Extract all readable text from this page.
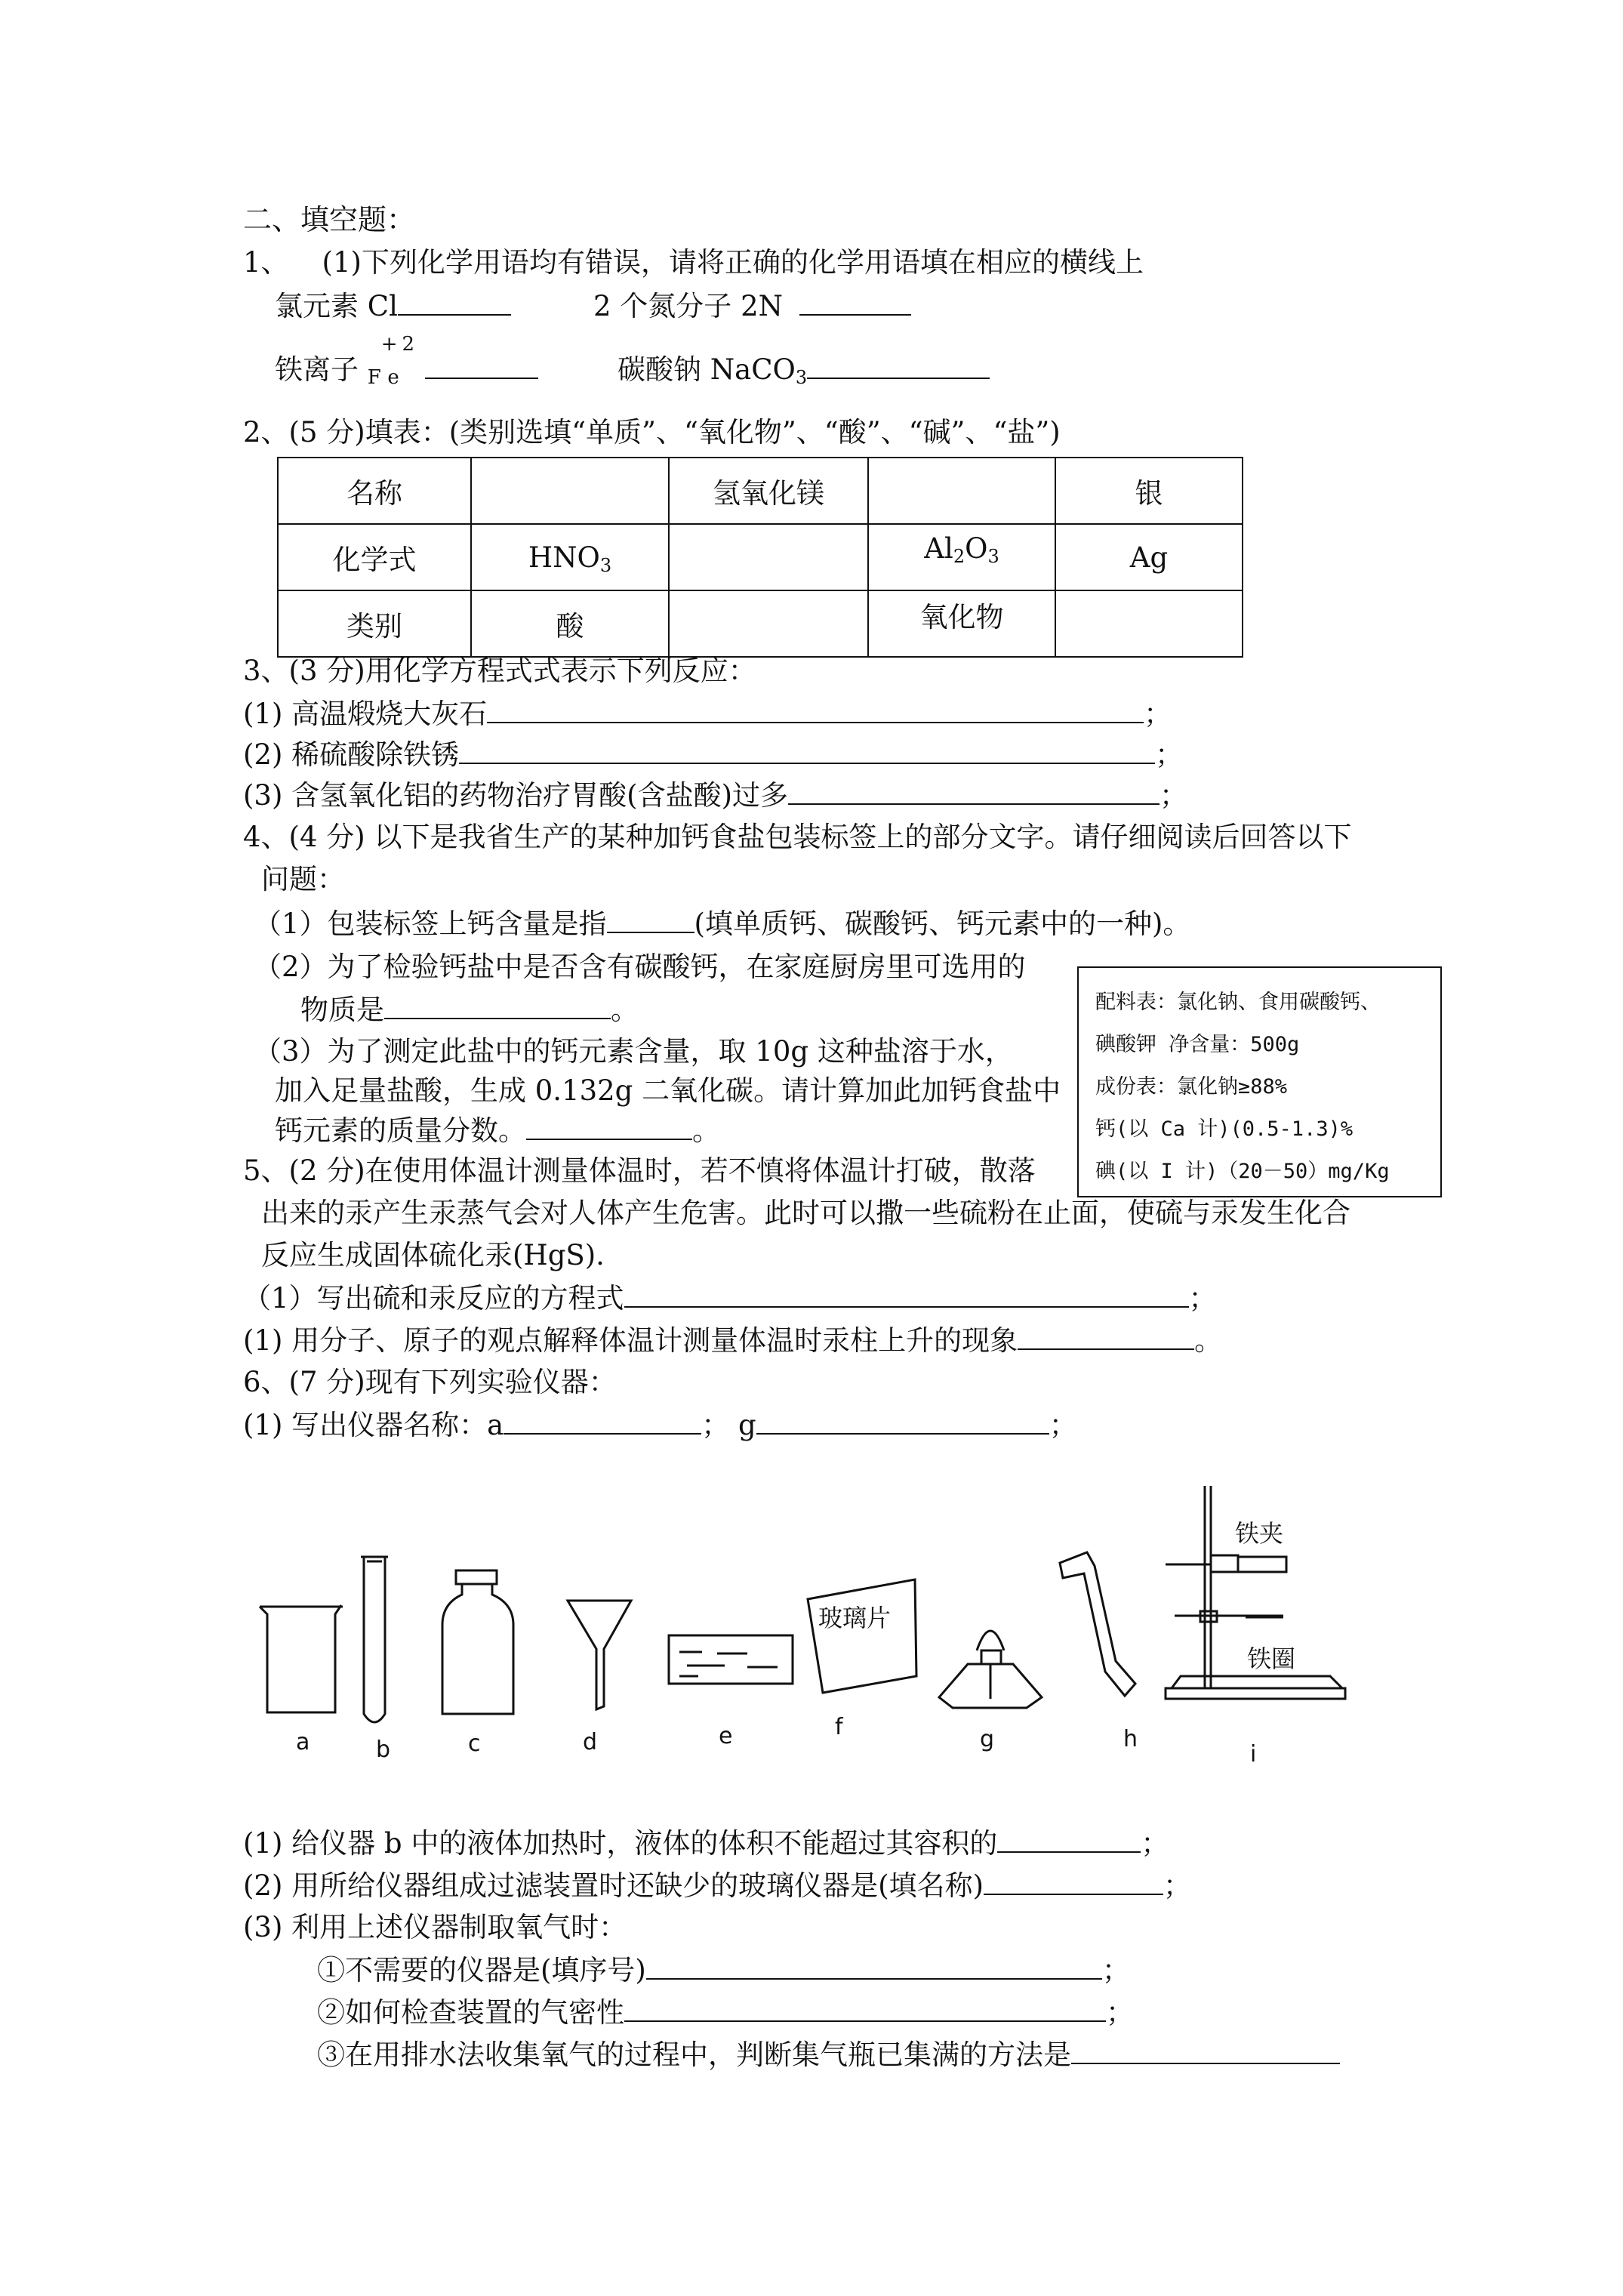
二、填空题：
1、 (1)下列化学用语均有错误，请将正确的化学用语填在相应的横线上
氯元素 Cl	2 个氮分子 2N
铁离子
+2
Fe	碳酸钠 NaCO$_3$
2、(5 分)填表：(类别选填“单质”、“氧化物”、“酸”、“碱”、“盐”)
名称		氢氧化镁		银
化学式	$HNO_3$		$Al_2O_3$	Ag
类别	酸		氧化物	
3、(3 分)用化学方程式式表示下列反应：
(1) 高温煅烧大灰石	；
(2) 稀硫酸除铁锈	；
(3) 含氢氧化铝的药物治疗胃酸(含盐酸)过多	；
4、(4 分) 以下是我省生产的某种加钙食盐包装标签上的部分文字。请仔细阅读后回答以下
问题：
（1）包装标签上钙含量是指	(填单质钙、碳酸钙、钙元素中的一种)。
（2）为了检验钙盐中是否含有碳酸钙，在家庭厨房里可选用的
物质是	。
（3）为了测定此盐中的钙元素含量，取 10g 这种盐溶于水，
加入足量盐酸，生成 0.132g 二氧化碳。请计算加此加钙食盐中
钙元素的质量分数。	。
配料表：氯化钠、食用碳酸钙、
碘酸钾 净含量：500g
成份表：氯化钠≥88%
钙(以 Ca 计)(0.5-1.3)%
碘(以 I 计)（20－50）mg/Kg
5、(2 分)在使用体温计测量体温时，若不慎将体温计打破，散落
出来的汞产生汞蒸气会对人体产生危害。此时可以撒一些硫粉在止面，使硫与汞发生化合
反应生成固体硫化汞(HgS).
（1）写出硫和汞反应的方程式	；
(1) 用分子、原子的观点解释体温计测量体温时汞柱上升的现象	。
6、(7 分)现有下列实验仪器：
(1) 写出仪器名称：a	； g	；
a	b	c	d	e	f	g	h
i
玻璃片
铁夹
铁圈
(1) 给仪器 b 中的液体加热时，液体的体积不能超过其容积的	；
(2) 用所给仪器组成过滤装置时还缺少的玻璃仪器是(填名称)	；
(3) 利用上述仪器制取氧气时：
①不需要的仪器是(填序号)	；
②如何检查装置的气密性	；
③在用排水法收集氧气的过程中，判断集气瓶已集满的方法是
